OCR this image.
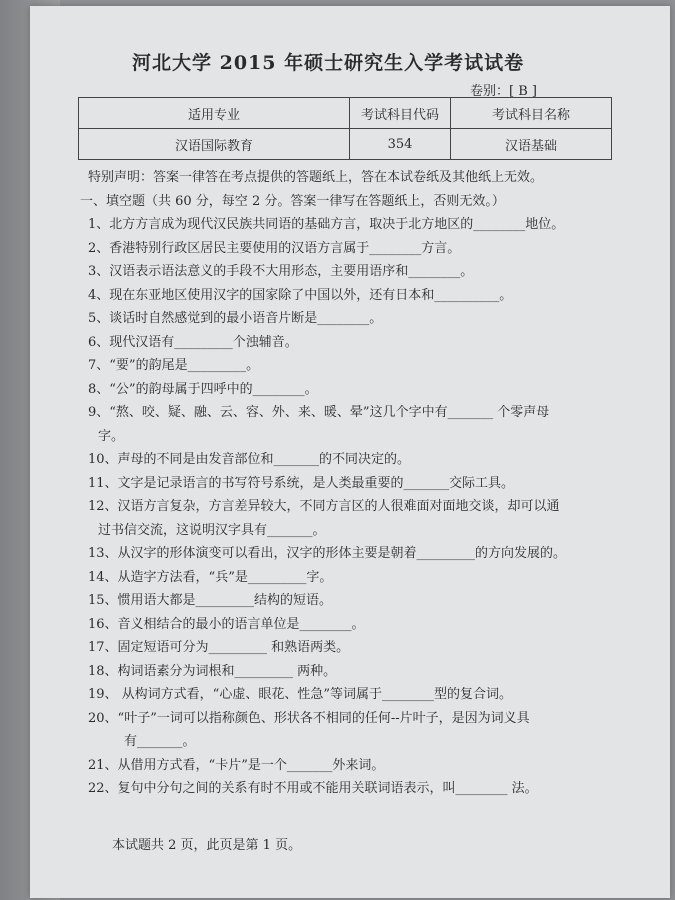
河北大学 2015 年硕士研究生入学考试试卷
卷别：[ B ]
适用专业	考试科目代码	考试科目名称
汉语国际教育	354	汉语基础
特别声明：答案一律答在考点提供的答题纸上，答在本试卷纸及其他纸上无效。
一、填空题（共 60 分，每空 2 分。答案一律写在答题纸上，否则无效。）
1、北方方言成为现代汉民族共同语的基础方言，取决于北方地区的________地位。
2、香港特别行政区居民主要使用的汉语方言属于________方言。
3、汉语表示语法意义的手段不大用形态，主要用语序和________。
4、现在东亚地区使用汉字的国家除了中国以外，还有日本和__________。
5、谈话时自然感觉到的最小语音片断是________。
6、现代汉语有_________个浊辅音。
7、“要”的韵尾是_________。
8、“公”的韵母属于四呼中的________。
9、“熬、咬、疑、融、云、容、外、来、暖、晕”这几个字中有_______ 个零声母
字。
10、声母的不同是由发音部位和_______的不同决定的。
11、文字是记录语言的书写符号系统，是人类最重要的_______交际工具。
12、汉语方言复杂，方言差异较大，不同方言区的人很难面对面地交谈，却可以通
过书信交流，这说明汉字具有_______。
13、从汉字的形体演变可以看出，汉字的形体主要是朝着_________的方向发展的。
14、从造字方法看，“兵”是_________字。
15、惯用语大都是_________结构的短语。
16、音义相结合的最小的语言单位是________。
17、固定短语可分为_________ 和熟语两类。
18、构词语素分为词根和_________ 两种。
19、 从构词方式看，“心虚、眼花、性急”等词属于________型的复合词。
20、“叶子”一词可以指称颜色、形状各不相同的任何--片叶子，是因为词义具
有_______。
21、从借用方式看，“卡片”是一个_______外来词。
22、复句中分句之间的关系有时不用或不能用关联词语表示，叫________ 法。
本试题共 2 页，此页是第 1 页。
